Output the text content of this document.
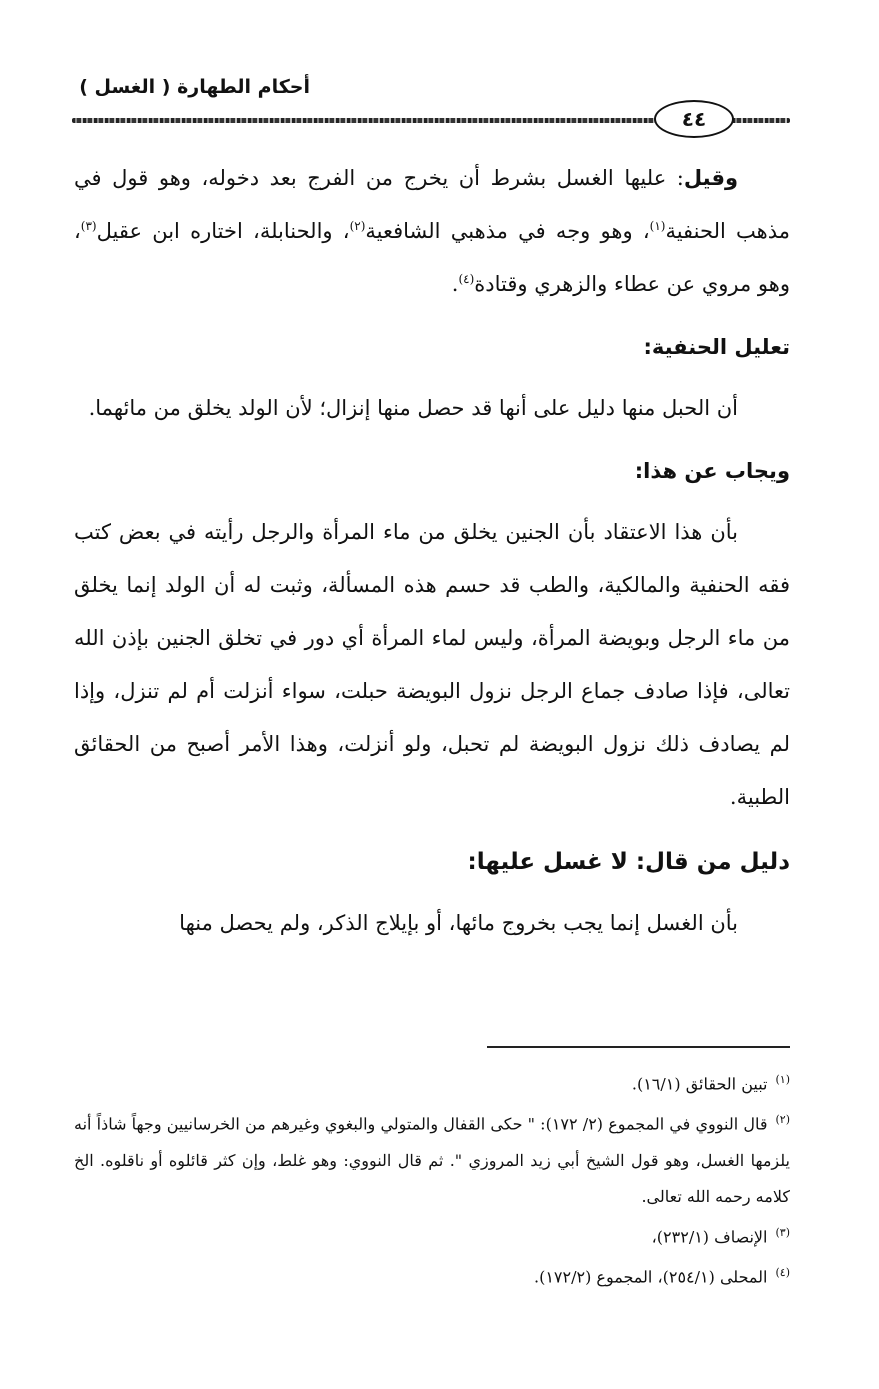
أحكام الطهارة ( الغسل )
٤٤

وقيل: عليها الغسل بشرط أن يخرج من الفرج بعد دخوله، وهو قول في مذهب الحنفية$^{(١)}$، وهو وجه في مذهبي الشافعية$^{(٢)}$، والحنابلة، اختاره ابن عقيل$^{(٣)}$، وهو مروي عن عطاء والزهري وقتادة$^{(٤)}$.

تعليل الحنفية:

أن الحبل منها دليل على أنها قد حصل منها إنزال؛ لأن الولد يخلق من مائهما.

ويجاب عن هذا:

بأن هذا الاعتقاد بأن الجنين يخلق من ماء المرأة والرجل رأيته في بعض كتب فقه الحنفية والمالكية، والطب قد حسم هذه المسألة، وثبت له أن الولد إنما يخلق من ماء الرجل وبويضة المرأة، وليس لماء المرأة أي دور في تخلق الجنين بإذن الله تعالى، فإذا صادف جماع الرجل نزول البويضة حبلت، سواء أنزلت أم لم تنزل، وإذا لم يصادف ذلك نزول البويضة لم تحبل، ولو أنزلت، وهذا الأمر أصبح من الحقائق الطبية.

دليل من قال: لا غسل عليها:

بأن الغسل إنما يجب بخروج مائها، أو بإيلاج الذكر، ولم يحصل منها

$^{(١)}$تبين الحقائق (١٦/١).

$^{(٢)}$قال النووي في المجموع (٢/ ١٧٢): " حكى القفال والمتولي والبغوي وغيرهم من الخرسانيين وجهاً شاذاً أنه يلزمها الغسل، وهو قول الشيخ أبي زيد المروزي ". ثم قال النووي: وهو غلط، وإن كثر قائلوه أو ناقلوه. الخ كلامه رحمه الله تعالى.

$^{(٣)}$الإنصاف (٢٣٢/١)،

$^{(٤)}$المحلى (٢٥٤/١)، المجموع (١٧٢/٢).
